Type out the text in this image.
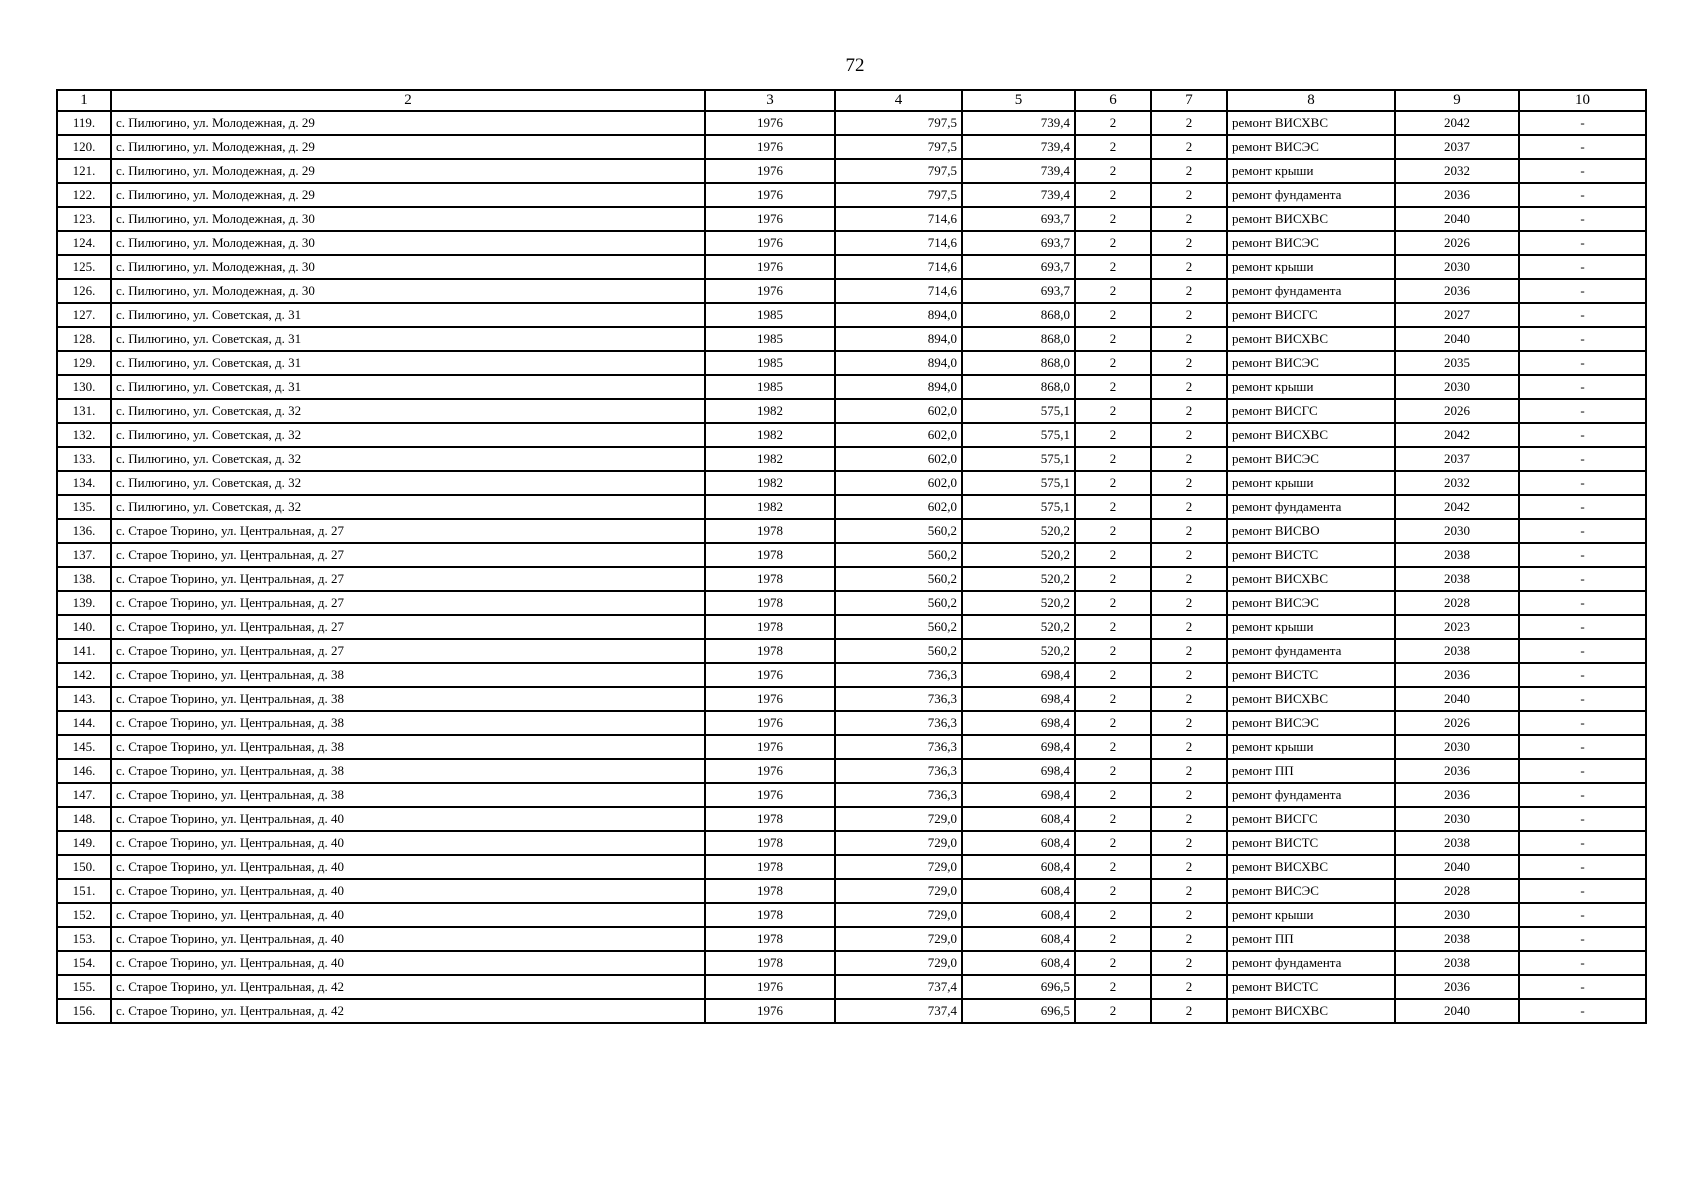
72
1	2	3	4	5	6	7	8	9	10
119.	с. Пилюгино, ул. Молодежная, д. 29	1976	797,5	739,4	2	2	ремонт ВИСХВС	2042	-
120.	с. Пилюгино, ул. Молодежная, д. 29	1976	797,5	739,4	2	2	ремонт ВИСЭС	2037	-
121.	с. Пилюгино, ул. Молодежная, д. 29	1976	797,5	739,4	2	2	ремонт крыши	2032	-
122.	с. Пилюгино, ул. Молодежная, д. 29	1976	797,5	739,4	2	2	ремонт фундамента	2036	-
123.	с. Пилюгино, ул. Молодежная, д. 30	1976	714,6	693,7	2	2	ремонт ВИСХВС	2040	-
124.	с. Пилюгино, ул. Молодежная, д. 30	1976	714,6	693,7	2	2	ремонт ВИСЭС	2026	-
125.	с. Пилюгино, ул. Молодежная, д. 30	1976	714,6	693,7	2	2	ремонт крыши	2030	-
126.	с. Пилюгино, ул. Молодежная, д. 30	1976	714,6	693,7	2	2	ремонт фундамента	2036	-
127.	с. Пилюгино, ул. Советская, д. 31	1985	894,0	868,0	2	2	ремонт ВИСГС	2027	-
128.	с. Пилюгино, ул. Советская, д. 31	1985	894,0	868,0	2	2	ремонт ВИСХВС	2040	-
129.	с. Пилюгино, ул. Советская, д. 31	1985	894,0	868,0	2	2	ремонт ВИСЭС	2035	-
130.	с. Пилюгино, ул. Советская, д. 31	1985	894,0	868,0	2	2	ремонт крыши	2030	-
131.	с. Пилюгино, ул. Советская, д. 32	1982	602,0	575,1	2	2	ремонт ВИСГС	2026	-
132.	с. Пилюгино, ул. Советская, д. 32	1982	602,0	575,1	2	2	ремонт ВИСХВС	2042	-
133.	с. Пилюгино, ул. Советская, д. 32	1982	602,0	575,1	2	2	ремонт ВИСЭС	2037	-
134.	с. Пилюгино, ул. Советская, д. 32	1982	602,0	575,1	2	2	ремонт крыши	2032	-
135.	с. Пилюгино, ул. Советская, д. 32	1982	602,0	575,1	2	2	ремонт фундамента	2042	-
136.	с. Старое Тюрино, ул. Центральная, д. 27	1978	560,2	520,2	2	2	ремонт ВИСВО	2030	-
137.	с. Старое Тюрино, ул. Центральная, д. 27	1978	560,2	520,2	2	2	ремонт ВИСТС	2038	-
138.	с. Старое Тюрино, ул. Центральная, д. 27	1978	560,2	520,2	2	2	ремонт ВИСХВС	2038	-
139.	с. Старое Тюрино, ул. Центральная, д. 27	1978	560,2	520,2	2	2	ремонт ВИСЭС	2028	-
140.	с. Старое Тюрино, ул. Центральная, д. 27	1978	560,2	520,2	2	2	ремонт крыши	2023	-
141.	с. Старое Тюрино, ул. Центральная, д. 27	1978	560,2	520,2	2	2	ремонт фундамента	2038	-
142.	с. Старое Тюрино, ул. Центральная, д. 38	1976	736,3	698,4	2	2	ремонт ВИСТС	2036	-
143.	с. Старое Тюрино, ул. Центральная, д. 38	1976	736,3	698,4	2	2	ремонт ВИСХВС	2040	-
144.	с. Старое Тюрино, ул. Центральная, д. 38	1976	736,3	698,4	2	2	ремонт ВИСЭС	2026	-
145.	с. Старое Тюрино, ул. Центральная, д. 38	1976	736,3	698,4	2	2	ремонт крыши	2030	-
146.	с. Старое Тюрино, ул. Центральная, д. 38	1976	736,3	698,4	2	2	ремонт ПП	2036	-
147.	с. Старое Тюрино, ул. Центральная, д. 38	1976	736,3	698,4	2	2	ремонт фундамента	2036	-
148.	с. Старое Тюрино, ул. Центральная, д. 40	1978	729,0	608,4	2	2	ремонт ВИСГС	2030	-
149.	с. Старое Тюрино, ул. Центральная, д. 40	1978	729,0	608,4	2	2	ремонт ВИСТС	2038	-
150.	с. Старое Тюрино, ул. Центральная, д. 40	1978	729,0	608,4	2	2	ремонт ВИСХВС	2040	-
151.	с. Старое Тюрино, ул. Центральная, д. 40	1978	729,0	608,4	2	2	ремонт ВИСЭС	2028	-
152.	с. Старое Тюрино, ул. Центральная, д. 40	1978	729,0	608,4	2	2	ремонт крыши	2030	-
153.	с. Старое Тюрино, ул. Центральная, д. 40	1978	729,0	608,4	2	2	ремонт ПП	2038	-
154.	с. Старое Тюрино, ул. Центральная, д. 40	1978	729,0	608,4	2	2	ремонт фундамента	2038	-
155.	с. Старое Тюрино, ул. Центральная, д. 42	1976	737,4	696,5	2	2	ремонт ВИСТС	2036	-
156.	с. Старое Тюрино, ул. Центральная, д. 42	1976	737,4	696,5	2	2	ремонт ВИСХВС	2040	-
